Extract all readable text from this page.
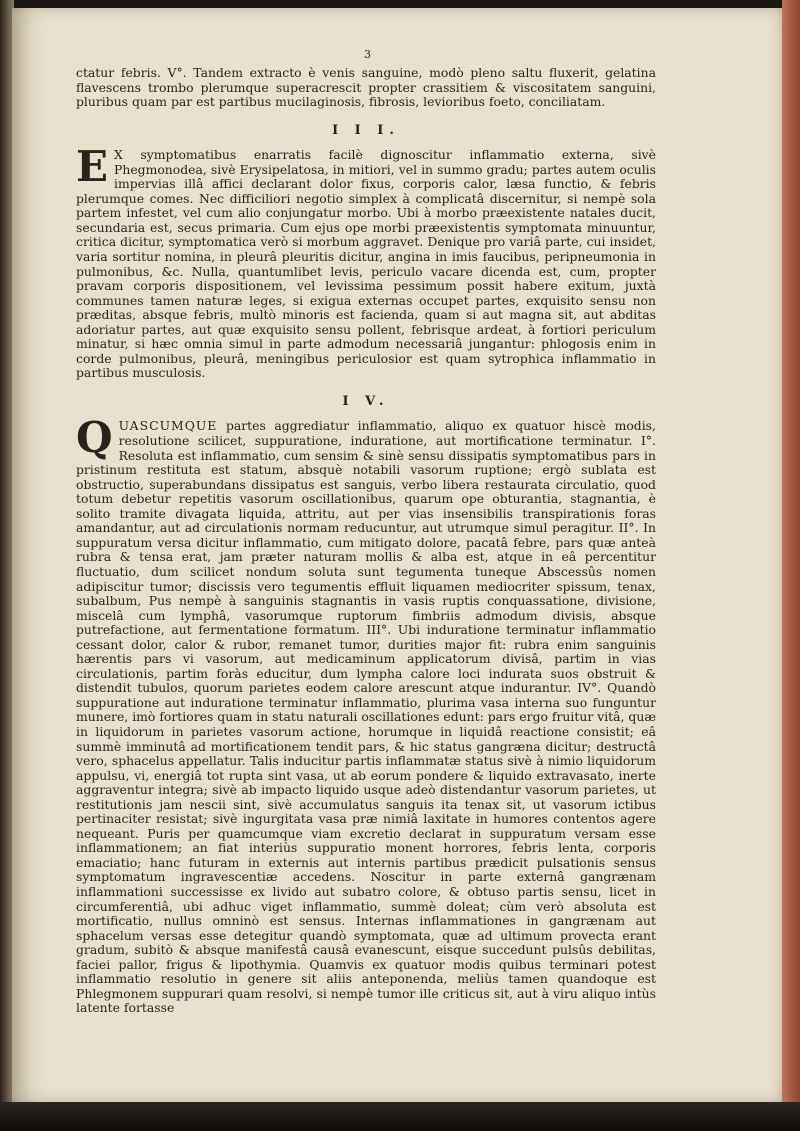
3

ctatur febris. V°. Tandem extracto è venis sanguine, modò pleno saltu fluxerit, gelatina flavescens trombo plerumque superacrescit propter crassitiem & viscositatem sanguini, pluribus quam par est partibus mucilaginosis, fibrosis, levioribus foeto, conciliatam.

I I I.

E X symptomatibus enarratis facilè dignoscitur inflammatio externa, sivè Phegmonodea, sivè Erysipelatosa, in mitiori, vel in summo gradu; partes autem oculis impervias illâ affici declarant dolor fixus, corporis calor, læsa functio, & febris plerumque comes. Nec difficiliori negotio simplex à complicatâ discernitur, si nempè sola partem infestet, vel cum alio conjungatur morbo. Ubi à morbo præexistente natales ducit, secundaria est, secus primaria. Cum ejus ope morbi præexistentis symptomata minuuntur, critica dicitur, symptomatica verò si morbum aggravet. Denique pro variâ parte, cui insidet, varia sortitur nomina, in pleurâ pleuritis dicitur, angina in imis faucibus, peripneumonia in pulmonibus, &c. Nulla, quantumlibet levis, periculo vacare dicenda est, cum, propter pravam corporis dispositionem, vel levissima pessimum possit habere exitum, juxtà communes tamen naturæ leges, si exigua externas occupet partes, exquisito sensu non præditas, absque febris, multò minoris est facienda, quam si aut magna sit, aut abditas adoriatur partes, aut quæ exquisito sensu pollent, febrisque ardeat, à fortiori periculum minatur, si hæc omnia simul in parte admodum necessariâ jungantur: phlogosis enim in corde pulmonibus, pleurâ, meningibus periculosior est quam sytrophica inflammatio in partibus musculosis.

I V.

QUASCUMQUE partes aggrediatur inflammatio, aliquo ex quatuor hiscè modis, resolutione scilicet, suppuratione, induratione, aut mortificatione terminatur. I°. Resoluta est inflammatio, cum sensim & sinè sensu dissipatis symptomatibus pars in pristinum restituta est statum, absquè notabili vasorum ruptione; ergò sublata est obstructio, superabundans dissipatus est sanguis, verbo libera restaurata circulatio, quod totum debetur repetitis vasorum oscillationibus, quarum ope obturantia, stagnantia, è solito tramite divagata liquida, attritu, aut per vias insensibilis transpirationis foras amandantur, aut ad circulationis normam reducuntur, aut utrumque simul peragitur. II°. In suppuratum versa dicitur inflammatio, cum mitigato dolore, pacatâ febre, pars quæ anteà rubra & tensa erat, jam præter naturam mollis & alba est, atque in eâ percentitur fluctuatio, dum scilicet nondum soluta sunt tegumenta tuneque Abscessûs nomen adipiscitur tumor; discissis vero tegumentis effluit liquamen mediocriter spissum, tenax, subalbum, Pus nempè à sanguinis stagnantis in vasis ruptis conquassatione, divisione, miscelâ cum lymphâ, vasorumque ruptorum fimbriis admodum divisis, absque putrefactione, aut fermentatione formatum. III°. Ubi induratione terminatur inflammatio cessant dolor, calor & rubor, remanet tumor, durities major fit: rubra enim sanguinis hærentis pars vi vasorum, aut medicaminum applicatorum divisâ, partim in vias circulationis, partim foràs educitur, dum lympha calore loci indurata suos obstruit & distendit tubulos, quorum parietes eodem calore arescunt atque indurantur. IV°. Quandò suppuratione aut induratione terminatur inflammatio, plurima vasa interna suo funguntur munere, imò fortiores quam in statu naturali oscillationes edunt: pars ergo fruitur vitâ, quæ in liquidorum in parietes vasorum actione, horumque in liquidâ reactione consistit; eâ summè imminutâ ad mortificationem tendit pars, & hic status gangræna dicitur; destructâ vero, sphacelus appellatur. Talis inducitur partis inflammatæ status sivè à nimio liquidorum appulsu, vi, energiâ tot rupta sint vasa, ut ab eorum pondere & liquido extravasato, inerte aggraventur integra; sivè ab impacto liquido usque adeò distendantur vasorum parietes, ut restitutionis jam nescii sint, sivè accumulatus sanguis ita tenax sit, ut vasorum ictibus pertinaciter resistat; sivè ingurgitata vasa præ nimiâ laxitate in humores contentos agere nequeant. Puris per quamcumque viam excretio declarat in suppuratum versam esse inflammationem; an fiat interiùs suppuratio monent horrores, febris lenta, corporis emaciatio; hanc futuram in externis aut internis partibus prædicit pulsationis sensus symptomatum ingravescentiæ accedens. Noscitur in parte externâ gangrænam inflammationi successisse ex livido aut subatro colore, & obtuso partis sensu, licet in circumferentiâ, ubi adhuc viget inflammatio, summè doleat; cùm verò absoluta est mortificatio, nullus omninò est sensus. Internas inflammationes in gangrænam aut sphacelum versas esse detegitur quandò symptomata, quæ ad ultimum provecta erant gradum, subitò & absque manifestâ causâ evanescunt, eisque succedunt pulsûs debilitas, faciei pallor, frigus & lipothymia. Quamvis ex quatuor modis quibus terminari potest inflammatio resolutio in genere sit aliis anteponenda, meliùs tamen quandoque est Phlegmonem suppurari quam resolvi, si nempè tumor ille criticus sit, aut à viru aliquo intùs latente fortasse
